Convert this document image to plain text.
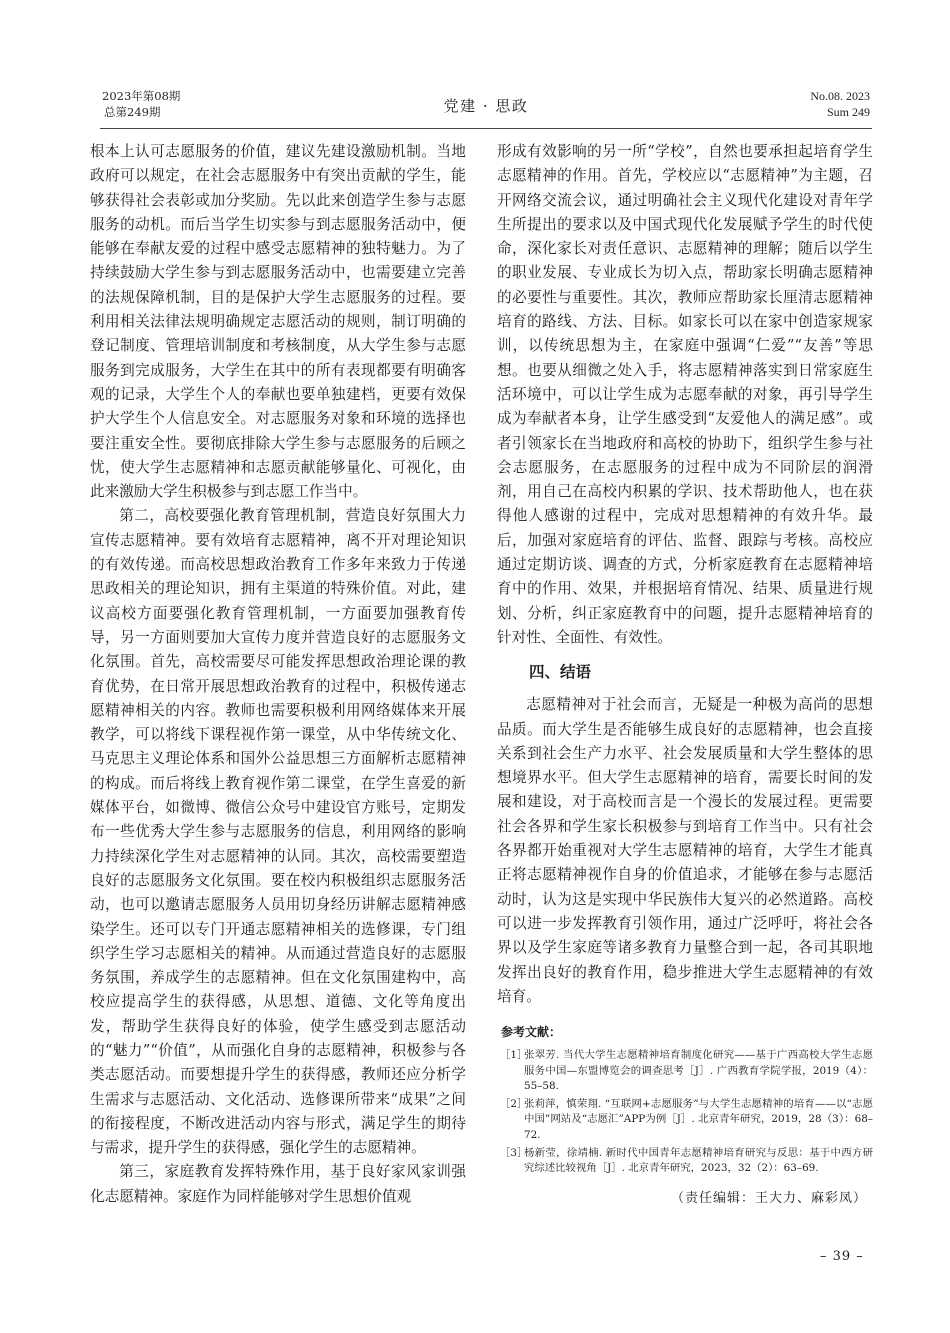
2023年第08期
总第249期	党建 · 思政
No.08. 2023
Sum 249

根本上认可志愿服务的价值，建议先建设激励机制。当地政府可以规定，在社会志愿服务中有突出贡献的学生，能够获得社会表彰或加分奖励。先以此来创造学生参与志愿服务的动机。而后当学生切实参与到志愿服务活动中，便能够在奉献友爱的过程中感受志愿精神的独特魅力。为了持续鼓励大学生参与到志愿服务活动中，也需要建立完善的法规保障机制，目的是保护大学生志愿服务的过程。要利用相关法律法规明确规定志愿活动的规则，制订明确的登记制度、管理培训制度和考核制度，从大学生参与志愿服务到完成服务，大学生在其中的所有表现都要有明确客观的记录，大学生个人的奉献也要单独建档，更要有效保护大学生个人信息安全。对志愿服务对象和环境的选择也要注重安全性。要彻底排除大学生参与志愿服务的后顾之忧，使大学生志愿精神和志愿贡献能够量化、可视化，由此来激励大学生积极参与到志愿工作当中。

第二，高校要强化教育管理机制，营造良好氛围大力宣传志愿精神。要有效培育志愿精神，离不开对理论知识的有效传递。而高校思想政治教育工作多年来致力于传递思政相关的理论知识，拥有主渠道的特殊价值。对此，建议高校方面要强化教育管理机制，一方面要加强教育传导，另一方面则要加大宣传力度并营造良好的志愿服务文化氛围。首先，高校需要尽可能发挥思想政治理论课的教育优势，在日常开展思想政治教育的过程中，积极传递志愿精神相关的内容。教师也需要积极利用网络媒体来开展教学，可以将线下课程视作第一课堂，从中华传统文化、马克思主义理论体系和国外公益思想三方面解析志愿精神的构成。而后将线上教育视作第二课堂，在学生喜爱的新媒体平台，如微博、微信公众号中建设官方账号，定期发布一些优秀大学生参与志愿服务的信息，利用网络的影响力持续深化学生对志愿精神的认同。其次，高校需要塑造良好的志愿服务文化氛围。要在校内积极组织志愿服务活动，也可以邀请志愿服务人员用切身经历讲解志愿精神感染学生。还可以专门开通志愿精神相关的选修课，专门组织学生学习志愿相关的精神。从而通过营造良好的志愿服务氛围，养成学生的志愿精神。但在文化氛围建构中，高校应提高学生的获得感，从思想、道德、文化等角度出发，帮助学生获得良好的体验，使学生感受到志愿活动的“魅力”“价值”，从而强化自身的志愿精神，积极参与各类志愿活动。而要想提升学生的获得感，教师还应分析学生需求与志愿活动、文化活动、选修课所带来“成果”之间的衔接程度，不断改进活动内容与形式，满足学生的期待与需求，提升学生的获得感，强化学生的志愿精神。

第三，家庭教育发挥特殊作用，基于良好家风家训强化志愿精神。家庭作为同样能够对学生思想价值观

形成有效影响的另一所“学校”，自然也要承担起培育学生志愿精神的作用。首先，学校应以“志愿精神”为主题，召开网络交流会议，通过明确社会主义现代化建设对青年学生所提出的要求以及中国式现代化发展赋予学生的时代使命，深化家长对责任意识、志愿精神的理解；随后以学生的职业发展、专业成长为切入点，帮助家长明确志愿精神的必要性与重要性。其次，教师应帮助家长厘清志愿精神培育的路线、方法、目标。如家长可以在家中创造家规家训，以传统思想为主，在家庭中强调“仁爱”“友善”等思想。也要从细微之处入手，将志愿精神落实到日常家庭生活环境中，可以让学生成为志愿奉献的对象，再引导学生成为奉献者本身，让学生感受到“友爱他人的满足感”。或者引领家长在当地政府和高校的协助下，组织学生参与社会志愿服务，在志愿服务的过程中成为不同阶层的润滑剂，用自己在高校内积累的学识、技术帮助他人，也在获得他人感谢的过程中，完成对思想精神的有效升华。最后，加强对家庭培育的评估、监督、跟踪与考核。高校应通过定期访谈、调查的方式，分析家庭教育在志愿精神培育中的作用、效果，并根据培育情况、结果、质量进行规划、分析，纠正家庭教育中的问题，提升志愿精神培育的针对性、全面性、有效性。

四、结语

志愿精神对于社会而言，无疑是一种极为高尚的思想品质。而大学生是否能够生成良好的志愿精神，也会直接关系到社会生产力水平、社会发展质量和大学生整体的思想境界水平。但大学生志愿精神的培育，需要长时间的发展和建设，对于高校而言是一个漫长的发展过程。更需要社会各界和学生家长积极参与到培育工作当中。只有社会各界都开始重视对大学生志愿精神的培育，大学生才能真正将志愿精神视作自身的价值追求，才能够在参与志愿活动时，认为这是实现中华民族伟大复兴的必然道路。高校可以进一步发挥教育引领作用，通过广泛呼吁，将社会各界以及学生家庭等诸多教育力量整合到一起，各司其职地发挥出良好的教育作用，稳步推进大学生志愿精神的有效培育。

参考文献：
［1］
张翠芳. 当代大学生志愿精神培育制度化研究——基于广西高校大学生志愿服务中国—东盟博览会的调查思考［J］. 广西教育学院学报，2019（4）：55–58.
［2］
张莉萍，慎荣翔. “互联网+志愿服务”与大学生志愿精神的培育——以“志愿中国”网站及“志愿汇”APP为例［J］. 北京青年研究，2019，28（3）：68–72.
［3］
杨新莹，徐靖楠. 新时代中国青年志愿精神培育研究与反思：基于中西方研究综述比较视角［J］. 北京青年研究，2023，32（2）：63–69.
（责任编辑：王大力、麻彩凤）
– 39 –
